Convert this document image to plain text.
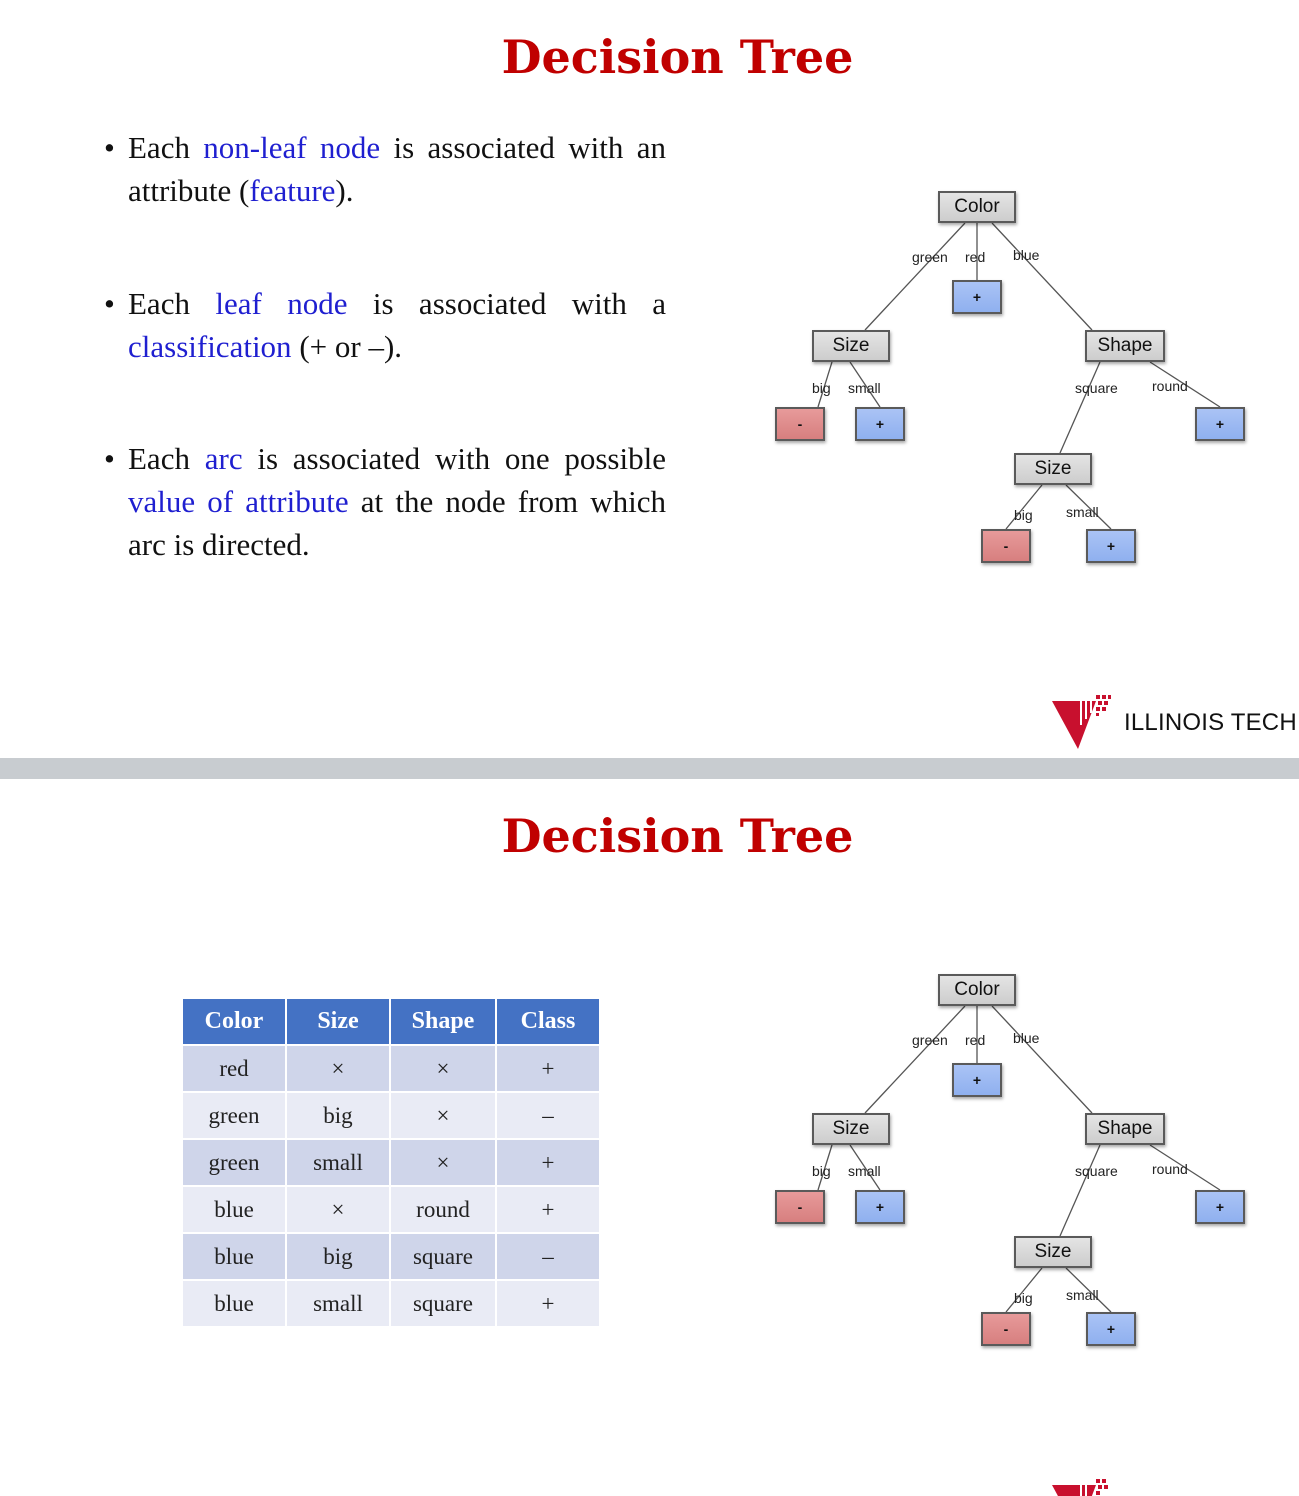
Decision Tree
• Each non-leaf node is associated with an attribute (feature).
• Each leaf node is associated with a classification (+ or –).
• Each arc is associated with one possible value of attribute at the node from which arc is directed.
green red blue
big small	square round
big small
Color
+
Size	Shape
-	+	+
Size
-	+
ILLINOIS TECH
Decision Tree
Color	Size	Shape	Class
red	×	×	+
green	big	×	–
green	small	×	+
blue	×	round	+
blue	big	square	–
blue	small	square	+
green red blue
big small	square round
big small
Color
+
Size	Shape
-	+	+
Size
-	+
